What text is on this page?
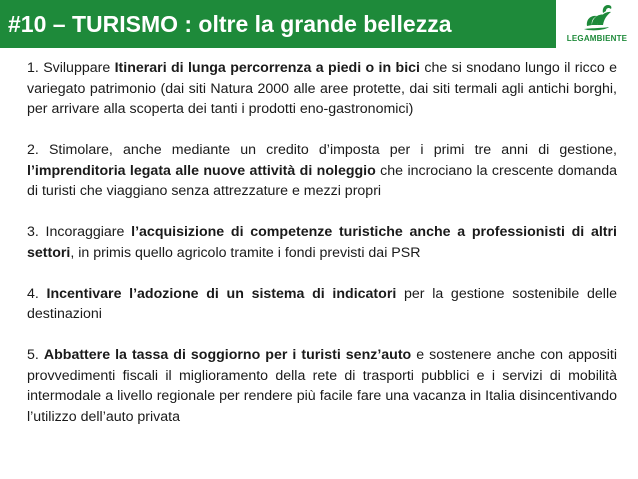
#10 – TURISMO : oltre la grande bellezza
LEGAMBIENTE

1. Sviluppare Itinerari di lunga percorrenza a piedi o in bici che si snodano lungo il ricco e variegato patrimonio (dai siti Natura 2000 alle aree protette, dai siti termali agli antichi borghi, per arrivare alla scoperta dei tanti i prodotti eno-gastronomici)

2. Stimolare, anche mediante un credito d’imposta per i primi tre anni di gestione, l’imprenditoria legata alle nuove attività di noleggio che incrociano la crescente domanda di turisti che viaggiano senza attrezzature e mezzi propri

3. Incoraggiare l’acquisizione di competenze turistiche anche a professionisti di altri settori, in primis quello agricolo tramite i fondi previsti dai PSR

4. Incentivare l’adozione di un sistema di indicatori per la gestione sostenibile delle destinazioni

5. Abbattere la tassa di soggiorno per i turisti senz’auto e sostenere anche con appositi provvedimenti fiscali il miglioramento della rete di trasporti pubblici e i servizi di mobilità intermodale a livello regionale per rendere più facile fare una vacanza in Italia disincentivando l’utilizzo dell’auto privata
